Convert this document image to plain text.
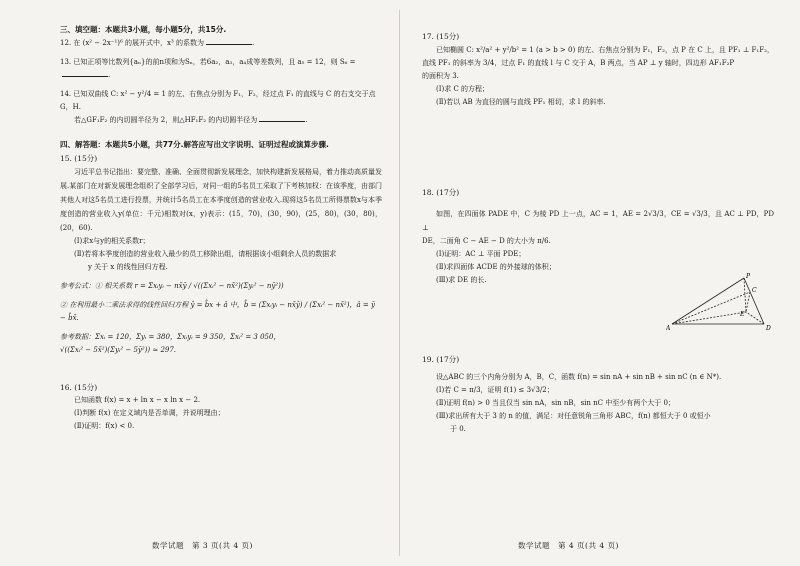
三、填空题：本题共3小题，每小题5分，共15分.
12. 在 (x² − 2x⁻¹)⁶ 的展开式中，x³ 的系数为	.
13. 已知正项等比数列{aₙ}的前n项和为Sₙ，若6a₂，a₃，a₄成等差数列，且 a₅ = 12，则 S₆ =.
14. 已知双曲线 C: x² − y²/4 = 1 的左、右焦点分别为 F₁，F₂，经过点 F₁ 的直线与 C 的右支交于点 G，H.
若△GF₁F₂ 的内切圆半径为 2，则△HF₁F₂ 的内切圆半径为	.
四、解答题：本题共5小题，共77分.解答应写出文字说明、证明过程或演算步骤.
15. (15分)
习近平总书记指出：要完整、准确、全面贯彻新发展理念，加快构建新发展格局，着力推动高质量发展.某部门在对新发展理念组织了全部学习后，对同一组的5名员工采取了下考核加权：在该季度，由部门其他人对这5名员工进行投票，并统计5名员工在本季度创造的营业收入.现将这5名员工所得票数x与本季度创造的营业收入y(单位：千元)相数对(x，y)表示：(15，70)，(30，90)，(25，80)，(30，80)，(20，60).
(Ⅰ)求x与y的相关系数r；
(Ⅱ)若将本季度创造的营业收入最少的员工移除出组，请根据该小组剩余人员的数据求
y 关于 x 的线性回归方程.
参考公式：① 相关系数 r = Σxᵢyᵢ − nx̄ȳ / √((Σxᵢ² − nx̄²)(Σyᵢ² − nȳ²))
② 在利用最小二乘法求得的线性回归方程 ŷ = b̂x + â 中，b̂ = (Σxᵢyᵢ − nx̄ȳ) / (Σxᵢ² − nx̄²)，â = ȳ − b̂x̄.
参考数据：Σxᵢ = 120，Σyᵢ = 380，Σxᵢyᵢ = 9 350，Σxᵢ² = 3 050，
√((Σxᵢ² − 5x̄²)(Σyᵢ² − 5ȳ²)) ≈ 297.
16. (15分)
已知函数 f(x) = x + ln x − x ln x − 2.
(Ⅰ)判断 f(x) 在定义域内是否单调，并说明理由；
(Ⅱ)证明：f(x) < 0.
数学试题　第 3 页(共 4 页)
17. (15分)
已知椭圆 C: x²/a² + y²/b² = 1 (a > b > 0) 的左、右焦点分别为 F₁，F₂，点 P 在 C 上，且 PF₁ ⊥ F₁F₂，
直线 PF₁ 的斜率为 3/4，过点 F₁ 的直线 l 与 C 交于 A，B 两点，当 AP ⊥ y 轴时，四边形 AF₁F₂P
的面积为 3.
(Ⅰ)求 C 的方程；
(Ⅱ)若以 AB 为直径的圆与直线 PF₁ 相切，求 l 的斜率.
18. (17分)
如图，在四面体 PADE 中，C 为棱 PD 上一点，AC = 1，AE = 2√3/3，CE = √3/3，且 AC ⊥ PD，PD ⊥
DE，二面角 C − AE − D 的大小为 π/6.
(Ⅰ)证明：AC ⊥ 平面 PDE；
(Ⅱ)求四面体 ACDE 的外接球的体积；
(Ⅲ)求 DE 的长.	P
C
A	D
E
19. (17分)
设△ABC 的三个内角分别为 A，B，C，函数 f(n) = sin nA + sin nB + sin nC (n ∈ N*).
(Ⅰ)若 C = π/3，证明 f(1) ≤ 3√3/2；
(Ⅱ)证明 f(n) > 0 当且仅当 sin nA，sin nB，sin nC 中至少有两个大于 0；
(Ⅲ)求出所有大于 3 的 n 的值，满足：对任意锐角三角形 ABC，f(n) 都恒大于 0 或恒小
于 0.
数学试题　第 4 页(共 4 页)
